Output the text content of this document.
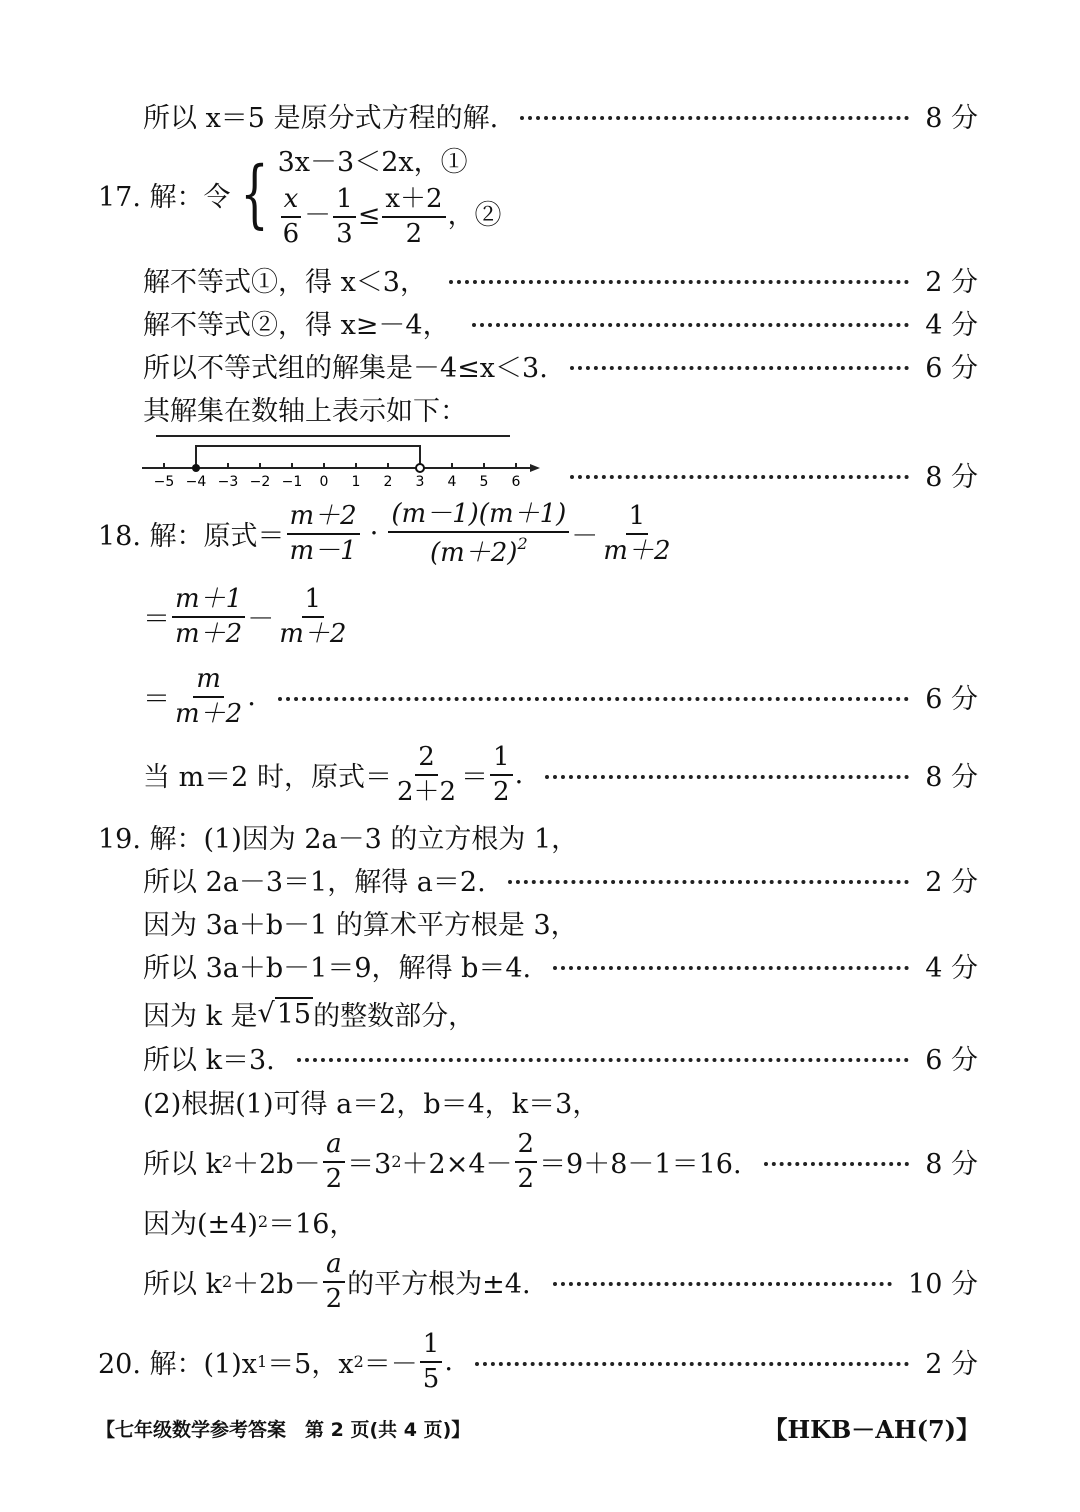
所以 x＝5 是原分式方程的解.	8 分
17. 解：令 { 3x－3＜2x，①
$\frac{x}{6} - \frac{1}{3} \le \frac{x+2}{2}$ ，②
解不等式①，得 x＜3，	2 分
解不等式②，得 x≥－4，	4 分
所以不等式组的解集是－4≤x＜3.	6 分
其解集在数轴上表示如下：
−5 −4 −3 −2 −1 0 1 2 3 4 5 6	8 分
18. 解：原式＝ $\frac{m+2}{m-1} \cdot \frac{(m-1)(m+1)}{(m+2)^2} - \frac{1}{m+2}$
＝ $\frac{m+1}{m+2} - \frac{1}{m+2}$
＝ $\frac{m}{m+2}$ .	6 分
当 m＝2 时，原式＝ $\frac{2}{2+2} = \frac{1}{2}$ .	8 分
19. 解：(1)因为 2a－3 的立方根为 1，
所以 2a－3＝1，解得 a＝2.	2 分
因为 3a＋b－1 的算术平方根是 3，
所以 3a＋b－1＝9，解得 b＝4.	4 分
因为 k 是 √ 15 的整数部分，
所以 k＝3.	6 分
(2)根据(1)可得 a＝2，b＝4，k＝3，
所以 k $2 +2b- \frac{a}{2} =3$ $2 +2\times 4- \frac{2}{2} =9+8-1=16$.	8 分
因为(±4) 2 ＝16，
所以 k $2 +2b- \frac{a}{2}$ 的平方根为±4.	10 分
20. 解：(1)x 1 ＝5，x $2 =- \frac{1}{5}$ .	2 分
【七年级数学参考答案　第 2 页(共 4 页)】	【HKB－AH(7)】
